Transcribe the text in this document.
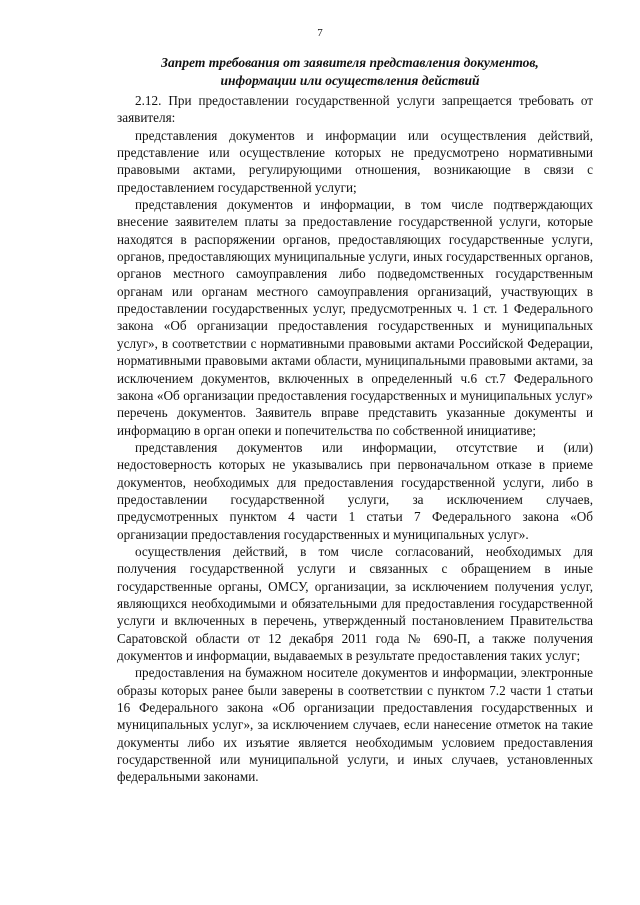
7
Запрет требования от заявителя представления документов,
информации или осуществления действий

2.12. При предоставлении государственной услуги запрещается требовать от заявителя:

представления документов и информации или осуществления действий, представление или осуществление которых не предусмотрено нормативными правовыми актами, регулирующими отношения, возникающие в связи с предоставлением государственной услуги;

представления документов и информации, в том числе подтверждающих внесение заявителем платы за предоставление государственной услуги, которые находятся в распоряжении органов, предоставляющих государственные услуги, органов, предоставляющих муниципальные услуги, иных государственных органов, органов местного самоуправления либо подведомственных государственным органам или органам местного самоуправления организаций, участвующих в предоставлении государственных услуг, предусмотренных ч. 1 ст. 1 Федерального закона «Об организации предоставления государственных и муниципальных услуг», в соответствии с нормативными правовыми актами Российской Федерации, нормативными правовыми актами области, муниципальными правовыми актами, за исключением документов, включенных в определенный ч.6 ст.7 Федерального закона «Об организации предоставления государственных и муниципальных услуг» перечень документов. Заявитель вправе представить указанные документы и информацию в орган опеки и попечительства по собственной инициативе;

представления документов или информации, отсутствие и (или) недостоверность которых не указывались при первоначальном отказе в приеме документов, необходимых для предоставления государственной услуги, либо в предоставлении государственной услуги, за исключением случаев, предусмотренных пунктом 4 части 1 статьи 7 Федерального закона «Об организации предоставления государственных и муниципальных услуг».

осуществления действий, в том числе согласований, необходимых для получения государственной услуги и связанных с обращением в иные государственные органы, ОМСУ, организации, за исключением получения услуг, являющихся необходимыми и обязательными для предоставления государственной услуги и включенных в перечень, утвержденный постановлением Правительства Саратовской области от 12 декабря 2011 года № 690-П, а также получения документов и информации, выдаваемых в результате предоставления таких услуг;

предоставления на бумажном носителе документов и информации, электронные образы которых ранее были заверены в соответствии с пунктом 7.2 части 1 статьи 16 Федерального закона «Об организации предоставления государственных и муниципальных услуг», за исключением случаев, если нанесение отметок на такие документы либо их изъятие является необходимым условием предоставления государственной или муниципальной услуги, и иных случаев, установленных федеральными законами.
